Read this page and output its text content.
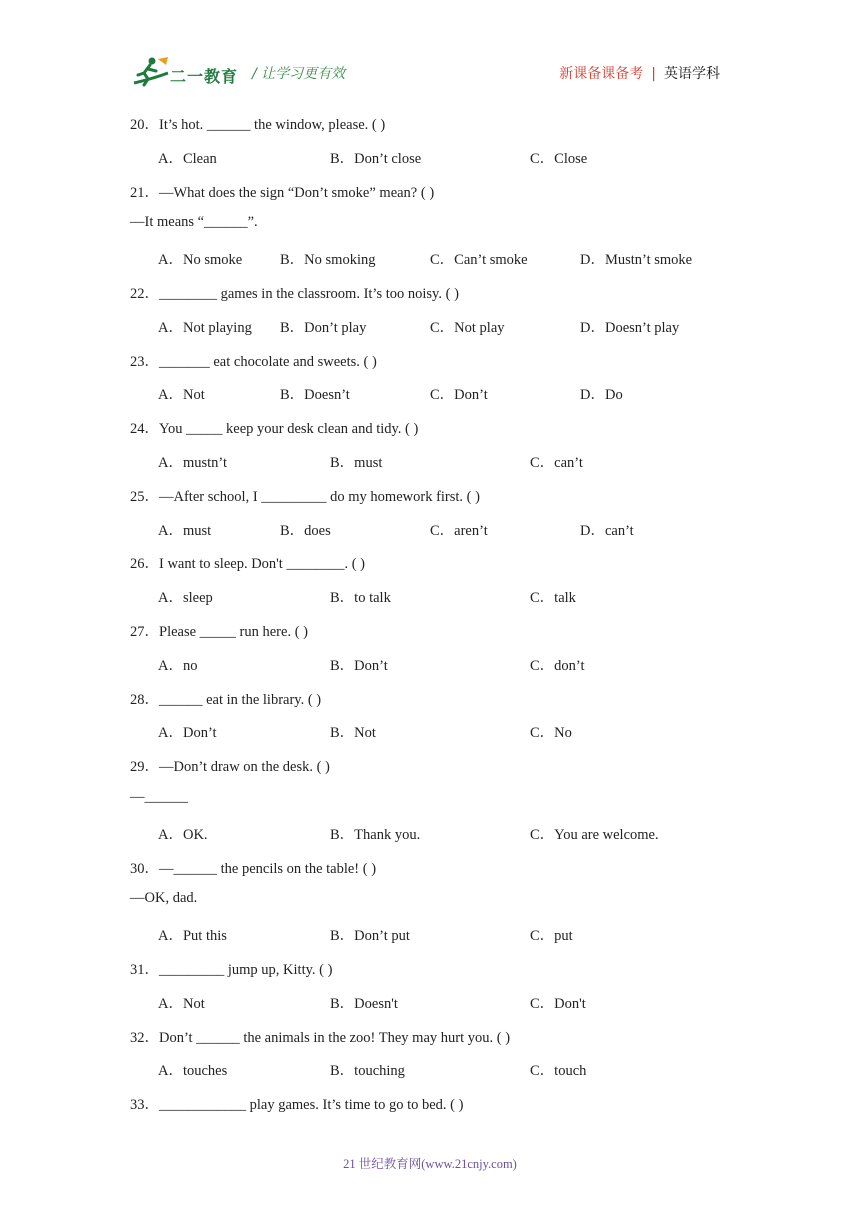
二一教育 / 让学习更有效	新课备课备考 | 英语学科
20．It’s hot. ______ the window, please. ( )
A．Clean	B．Don’t close	C．Close
21．—What does the sign “Don’t smoke” mean? ( )
—It means “______”.
A．No smoke	B．No smoking	C．Can’t smoke	D．Mustn’t smoke
22．________ games in the classroom. It’s too noisy. ( )
A．Not playing B．Don’t play	C．Not play	D．Doesn’t play
23．_______ eat chocolate and sweets. ( )
A．Not	B．Doesn’t	C．Don’t	D．Do
24．You _____ keep your desk clean and tidy. ( )
A．mustn’t	B．must	C．can’t
25．—After school, I _________ do my homework first. ( )
A．must	B．does	C．aren’t	D．can’t
26．I want to sleep. Don't ________. ( )
A．sleep	B．to talk	C．talk
27．Please _____ run here. ( )
A．no	B．Don’t	C．don’t
28．______ eat in the library. ( )
A．Don’t	B．Not	C．No
29．—Don’t draw on the desk. ( )
—______
A．OK.	B．Thank you.	C．You are welcome.
30．—______ the pencils on the table! ( )
—OK, dad.
A．Put this	B．Don’t put	C．put
31．_________ jump up, Kitty. ( )
A．Not	B．Doesn't	C．Don't
32．Don’t ______ the animals in the zoo! They may hurt you. ( )
A．touches	B．touching	C．touch
33．____________ play games. It’s time to go to bed. ( )
21 世纪教育网(www.21cnjy.com)
